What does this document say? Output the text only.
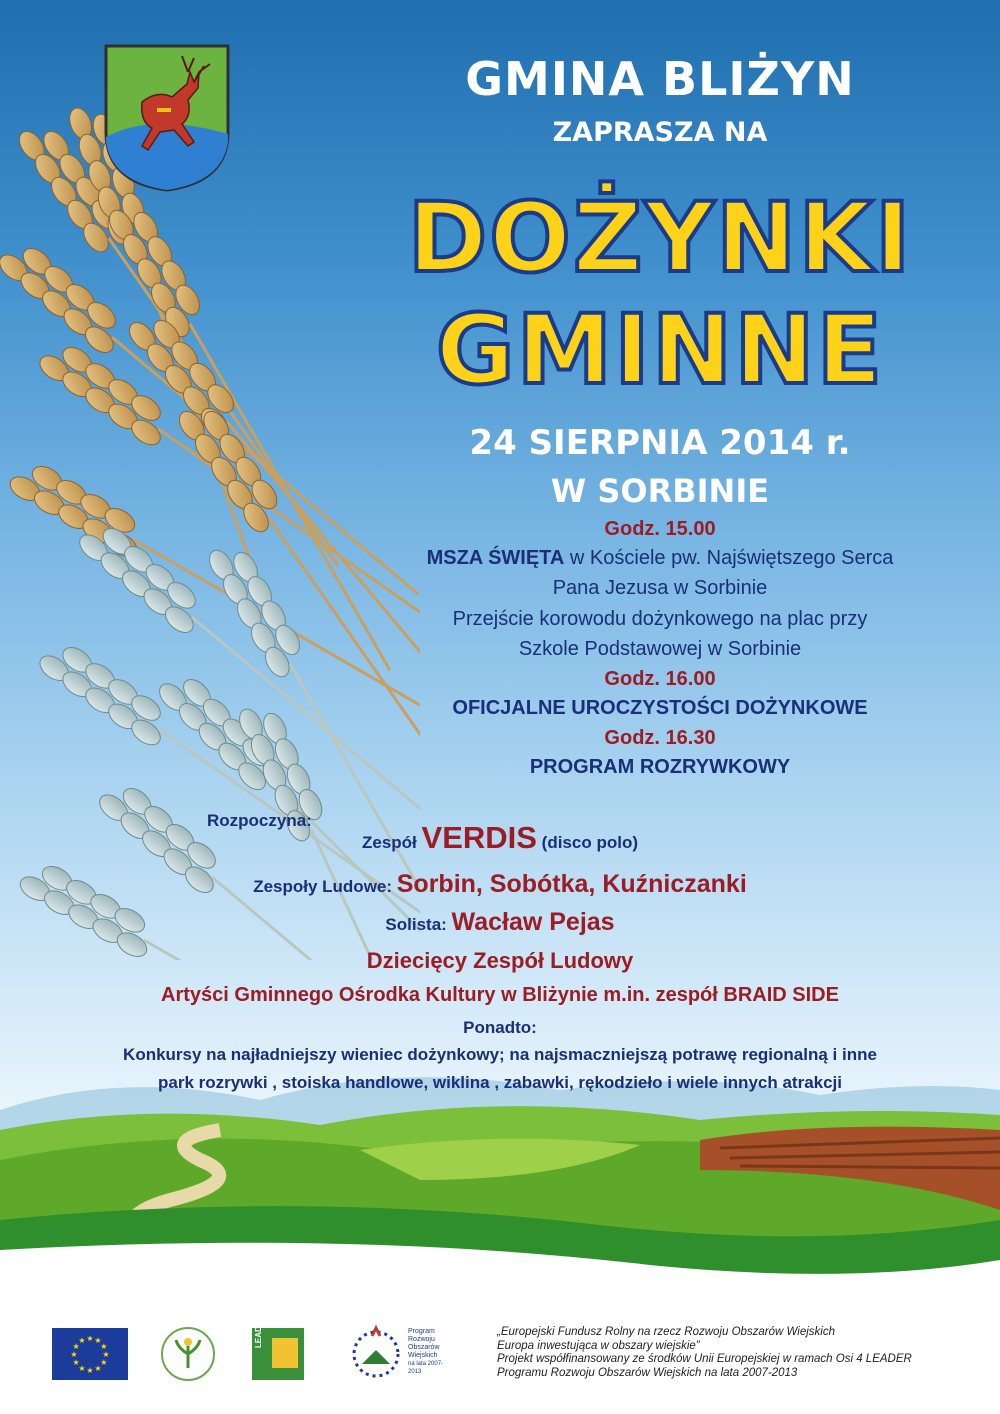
GMINA BLIŻYN
ZAPRASZA NA
DOŻYNKI
GMINNE
24 SIERPNIA 2014 r.
W SORBINIE
Godz. 15.00
MSZA ŚWIĘTA w Kościele pw. Najświętszego Serca
Pana Jezusa w Sorbinie
Przejście korowodu dożynkowego na plac przy
Szkole Podstawowej w Sorbinie
Godz. 16.00
OFICJALNE UROCZYSTOŚCI DOŻYNKOWE
Godz. 16.30
PROGRAM ROZRYWKOWY
Rozpoczyna:
Zespół VERDIS (disco polo)
Zespoły Ludowe: Sorbin, Sobótka, Kuźniczanki
Solista: Wacław Pejas
Dziecięcy Zespół Ludowy
Artyści Gminnego Ośrodka Kultury w Bliżynie m.in. zespół BRAID SIDE
Ponadto:
Konkursy na najładniejszy wieniec dożynkowy; na najsmaczniejszą potrawę regionalną i inne
park rozrywki , stoiska handlowe, wiklina , zabawki, rękodzieło i wiele innych atrakcji
★
★
★
★
★
★
★
★
★ ★ ★
★	LEADER	Program
Rozwoju
Obszarów
Wiejskich
na lata 2007-2013
„Europejski Fundusz Rolny na rzecz Rozwoju Obszarów Wiejskich
Europa inwestująca w obszary wiejskie”
Projekt współfinansowany ze środków Unii Europejskiej w ramach Osi 4 LEADER
Programu Rozwoju Obszarów Wiejskich na lata 2007-2013
